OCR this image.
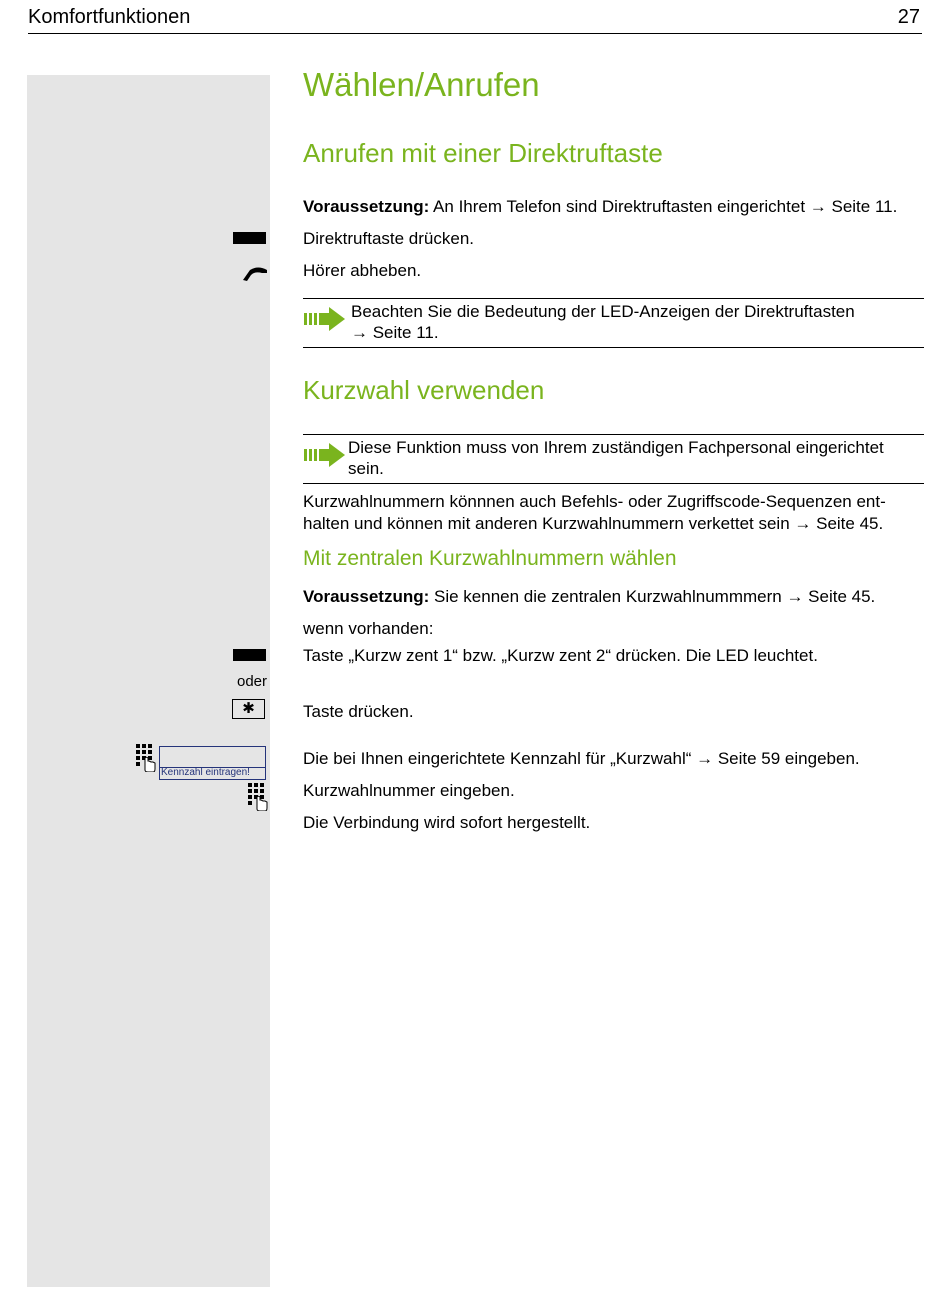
Komfortfunktionen	27
Wählen/Anrufen
Anrufen mit einer Direktruftaste
Voraussetzung: An Ihrem Telefon sind Direktruftasten eingerichtet → Seite 11.
Direktruftaste drücken.
Hörer abheben.
Beachten Sie die Bedeutung der LED-Anzeigen der Direktruftasten
→ Seite 11.
Kurzwahl verwenden
Diese Funktion muss von Ihrem zuständigen Fachpersonal eingerichtet
sein.
Kurzwahlnummern könnnen auch Befehls- oder Zugriffscode-Sequenzen ent-
halten und können mit anderen Kurzwahlnummern verkettet sein → Seite 45.
Mit zentralen Kurzwahlnummern wählen
Voraussetzung: Sie kennen die zentralen Kurzwahlnummmern → Seite 45.
wenn vorhanden:
Taste „Kurzw zent 1“ bzw. „Kurzw zent 2“ drücken. Die LED leuchtet.
oder
✱	Taste drücken.
Kennzahl eintragen!
Die bei Ihnen eingerichtete Kennzahl für „Kurzwahl“ → Seite 59 eingeben.
Kurzwahlnummer eingeben.
Die Verbindung wird sofort hergestellt.
